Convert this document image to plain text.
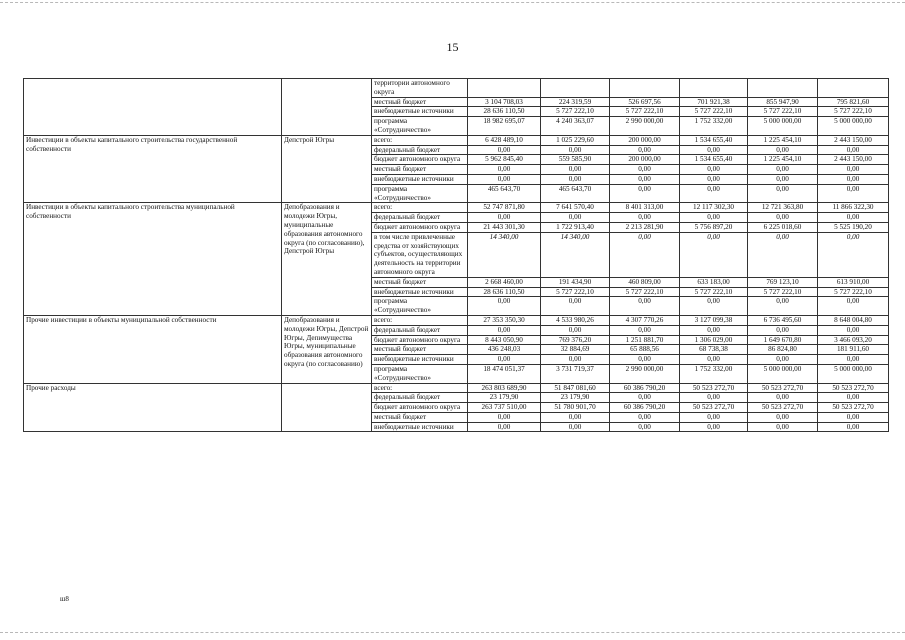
15
		территории автономного округа						
		местный бюджет	3 104 708,03	224 319,59	526 697,56	701 921,38	855 947,90	795 821,60
		внебюджетные источники	28 636 110,50	5 727 222,10	5 727 222,10	5 727 222,10	5 727 222,10	5 727 222,10
		программа «Сотрудничество»	18 982 695,07	4 240 363,07	2 990 000,00	1 752 332,00	5 000 000,00	5 000 000,00
Инвестиции в объекты капитального строительства государственной собственности	Депстрой Югры	всего:	6 428 489,10	1 025 229,60	200 000,00	1 534 655,40	1 225 454,10	2 443 150,00
		федеральный бюджет	0,00	0,00	0,00	0,00	0,00	0,00
		бюджет автономного округа	5 962 845,40	559 585,90	200 000,00	1 534 655,40	1 225 454,10	2 443 150,00
		местный бюджет	0,00	0,00	0,00	0,00	0,00	0,00
		внебюджетные источники	0,00	0,00	0,00	0,00	0,00	0,00
		программа «Сотрудничество»	465 643,70	465 643,70	0,00	0,00	0,00	0,00
Инвестиции в объекты капитального строительства муниципальной собственности	Депобразования и молодежи Югры, муниципальные образования автономного округа (по согласованию), Депстрой Югры	всего:	52 747 871,80	7 641 570,40	8 401 313,00	12 117 302,30	12 721 363,80	11 866 322,30
		федеральный бюджет	0,00	0,00	0,00	0,00	0,00	0,00
		бюджет автономного округа	21 443 301,30	1 722 913,40	2 213 281,90	5 756 897,20	6 225 018,60	5 525 190,20
		в том числе привлеченные средства от хозяйствующих субъектов, осуществляющих деятельность на территории автономного округа	14 340,00	14 340,00	0,00	0,00	0,00	0,00
		местный бюджет	2 668 460,00	191 434,90	460 809,00	633 183,00	769 123,10	613 910,00
		внебюджетные источники	28 636 110,50	5 727 222,10	5 727 222,10	5 727 222,10	5 727 222,10	5 727 222,10
		программа «Сотрудничество»	0,00	0,00	0,00	0,00	0,00	0,00
Прочие инвестиции в объекты муниципальной собственности	Депобразования и молодежи Югры, Депстрой Югры, Депимущества Югры, муниципальные образования автономного округа (по согласованию)	всего:	27 353 350,30	4 533 980,26	4 307 770,26	3 127 099,38	6 736 495,60	8 648 004,80
		федеральный бюджет	0,00	0,00	0,00	0,00	0,00	0,00
		бюджет автономного округа	8 443 050,90	769 376,20	1 251 881,70	1 306 029,00	1 649 670,80	3 466 093,20
		местный бюджет	436 248,03	32 884,69	65 888,56	68 738,38	86 824,80	181 911,60
		внебюджетные источники	0,00	0,00	0,00	0,00	0,00	0,00
		программа «Сотрудничество»	18 474 051,37	3 731 719,37	2 990 000,00	1 752 332,00	5 000 000,00	5 000 000,00
Прочие расходы		всего:	263 803 689,90	51 847 081,60	60 386 790,20	50 523 272,70	50 523 272,70	50 523 272,70
		федеральный бюджет	23 179,90	23 179,90	0,00	0,00	0,00	0,00
		бюджет автономного округа	263 737 510,00	51 780 901,70	60 386 790,20	50 523 272,70	50 523 272,70	50 523 272,70
		местный бюджет	0,00	0,00	0,00	0,00	0,00	0,00
		внебюджетные источники	0,00	0,00	0,00	0,00	0,00	0,00
ш8
